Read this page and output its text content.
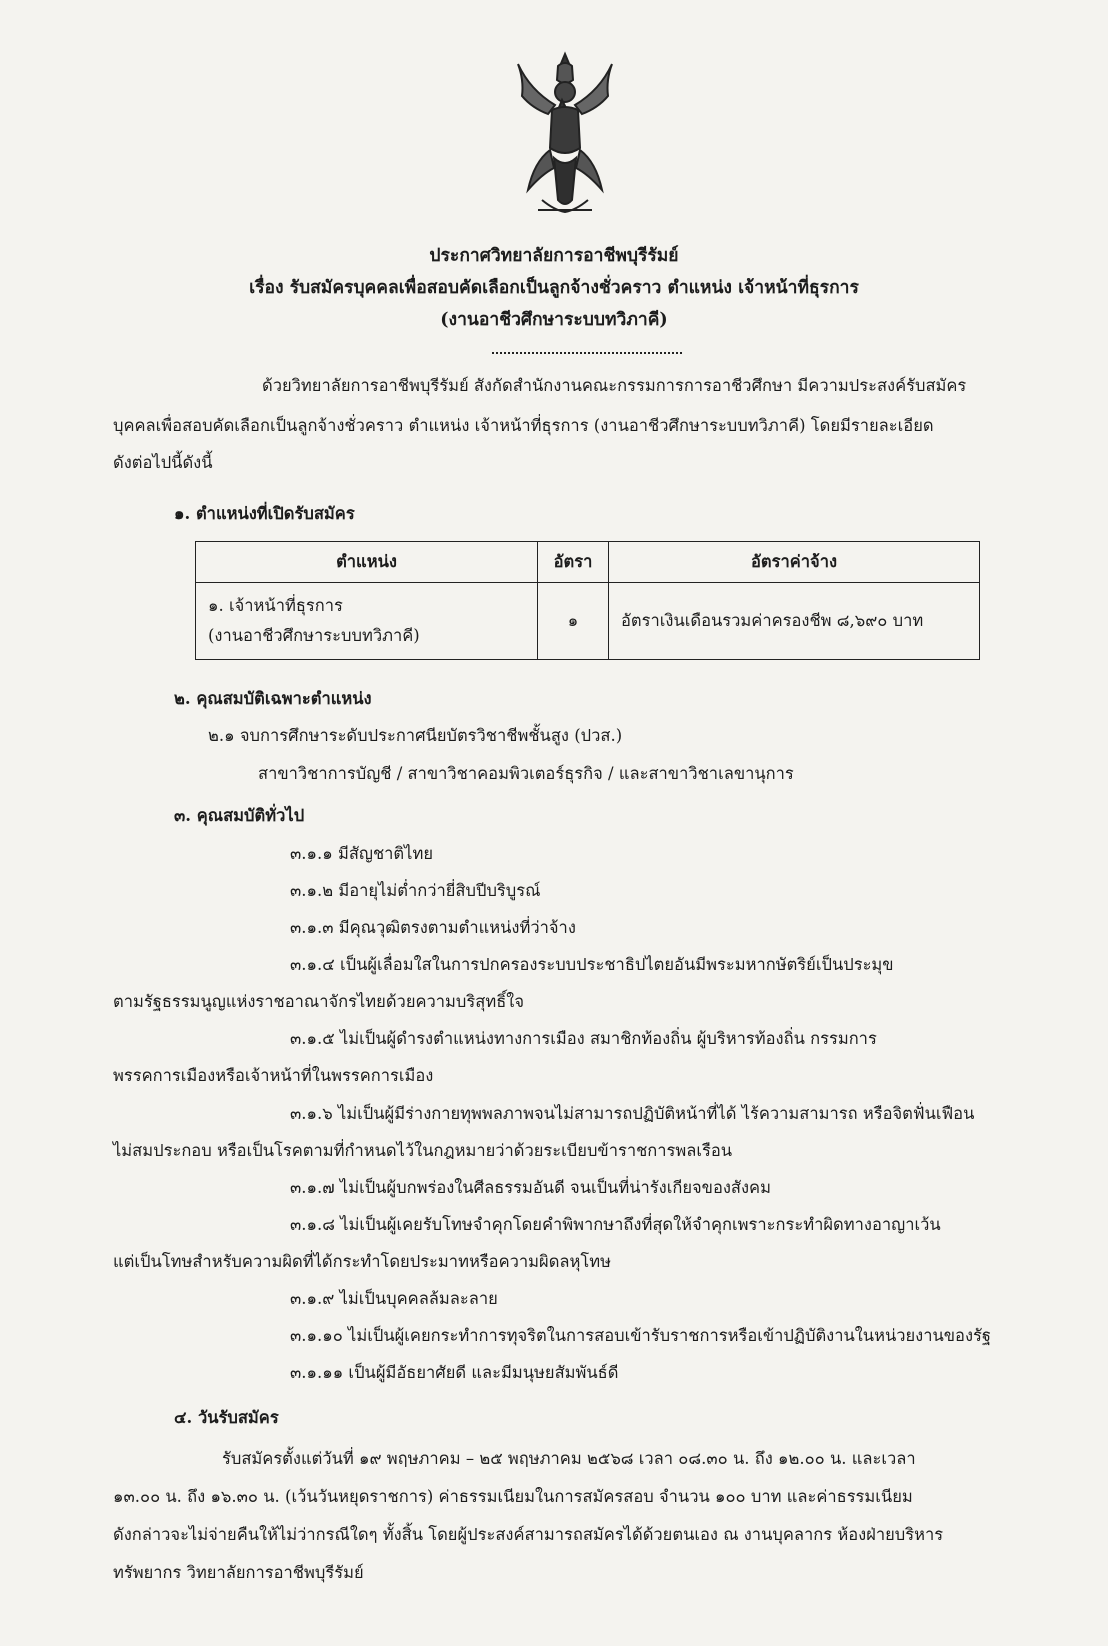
ประกาศวิทยาลัยการอาชีพบุรีรัมย์
เรื่อง รับสมัครบุคคลเพื่อสอบคัดเลือกเป็นลูกจ้างชั่วคราว ตำแหน่ง เจ้าหน้าที่ธุรการ
(งานอาชีวศึกษาระบบทวิภาคี)
ด้วยวิทยาลัยการอาชีพบุรีรัมย์ สังกัดสำนักงานคณะกรรมการการอาชีวศึกษา มีความประสงค์รับสมัคร
บุคคลเพื่อสอบคัดเลือกเป็นลูกจ้างชั่วคราว ตำแหน่ง เจ้าหน้าที่ธุรการ (งานอาชีวศึกษาระบบทวิภาคี) โดยมีรายละเอียด
ดังต่อไปนี้ดังนี้
๑. ตำแหน่งที่เปิดรับสมัคร
ตำแหน่ง	อัตรา	อัตราค่าจ้าง

๑. เจ้าหน้าที่ธุรการ
(งานอาชีวศึกษาระบบทวิภาคี)	๑	อัตราเงินเดือนรวมค่าครองชีพ ๘,๖๙๐ บาท
๒. คุณสมบัติเฉพาะตำแหน่ง
๒.๑ จบการศึกษาระดับประกาศนียบัตรวิชาชีพชั้นสูง (ปวส.)
สาขาวิชาการบัญชี / สาขาวิชาคอมพิวเตอร์ธุรกิจ / และสาขาวิชาเลขานุการ
๓. คุณสมบัติทั่วไป
๓.๑.๑ มีสัญชาติไทย
๓.๑.๒ มีอายุไม่ต่ำกว่ายี่สิบปีบริบูรณ์
๓.๑.๓ มีคุณวุฒิตรงตามตำแหน่งที่ว่าจ้าง
๓.๑.๔ เป็นผู้เลื่อมใสในการปกครองระบบประชาธิปไตยอันมีพระมหากษัตริย์เป็นประมุข
ตามรัฐธรรมนูญแห่งราชอาณาจักรไทยด้วยความบริสุทธิ์ใจ
๓.๑.๕ ไม่เป็นผู้ดำรงตำแหน่งทางการเมือง สมาชิกท้องถิ่น ผู้บริหารท้องถิ่น กรรมการ
พรรคการเมืองหรือเจ้าหน้าที่ในพรรคการเมือง
๓.๑.๖ ไม่เป็นผู้มีร่างกายทุพพลภาพจนไม่สามารถปฏิบัติหน้าที่ได้ ไร้ความสามารถ หรือจิตฟั่นเฟือน
ไม่สมประกอบ หรือเป็นโรคตามที่กำหนดไว้ในกฎหมายว่าด้วยระเบียบข้าราชการพลเรือน
๓.๑.๗ ไม่เป็นผู้บกพร่องในศีลธรรมอันดี จนเป็นที่น่ารังเกียจของสังคม
๓.๑.๘ ไม่เป็นผู้เคยรับโทษจำคุกโดยคำพิพากษาถึงที่สุดให้จำคุกเพราะกระทำผิดทางอาญาเว้น
แต่เป็นโทษสำหรับความผิดที่ได้กระทำโดยประมาทหรือความผิดลหุโทษ
๓.๑.๙ ไม่เป็นบุคคลล้มละลาย
๓.๑.๑๐ ไม่เป็นผู้เคยกระทำการทุจริตในการสอบเข้ารับราชการหรือเข้าปฏิบัติงานในหน่วยงานของรัฐ
๓.๑.๑๑ เป็นผู้มีอัธยาศัยดี และมีมนุษยสัมพันธ์ดี
๔. วันรับสมัคร
รับสมัครตั้งแต่วันที่ ๑๙ พฤษภาคม – ๒๕ พฤษภาคม ๒๕๖๘ เวลา ๐๘.๓๐ น. ถึง ๑๒.๐๐ น. และเวลา
๑๓.๐๐ น. ถึง ๑๖.๓๐ น. (เว้นวันหยุดราชการ) ค่าธรรมเนียมในการสมัครสอบ จำนวน ๑๐๐ บาท และค่าธรรมเนียม
ดังกล่าวจะไม่จ่ายคืนให้ไม่ว่ากรณีใดๆ ทั้งสิ้น โดยผู้ประสงค์สามารถสมัครได้ด้วยตนเอง ณ งานบุคลากร ห้องฝ่ายบริหาร
ทรัพยากร วิทยาลัยการอาชีพบุรีรัมย์
